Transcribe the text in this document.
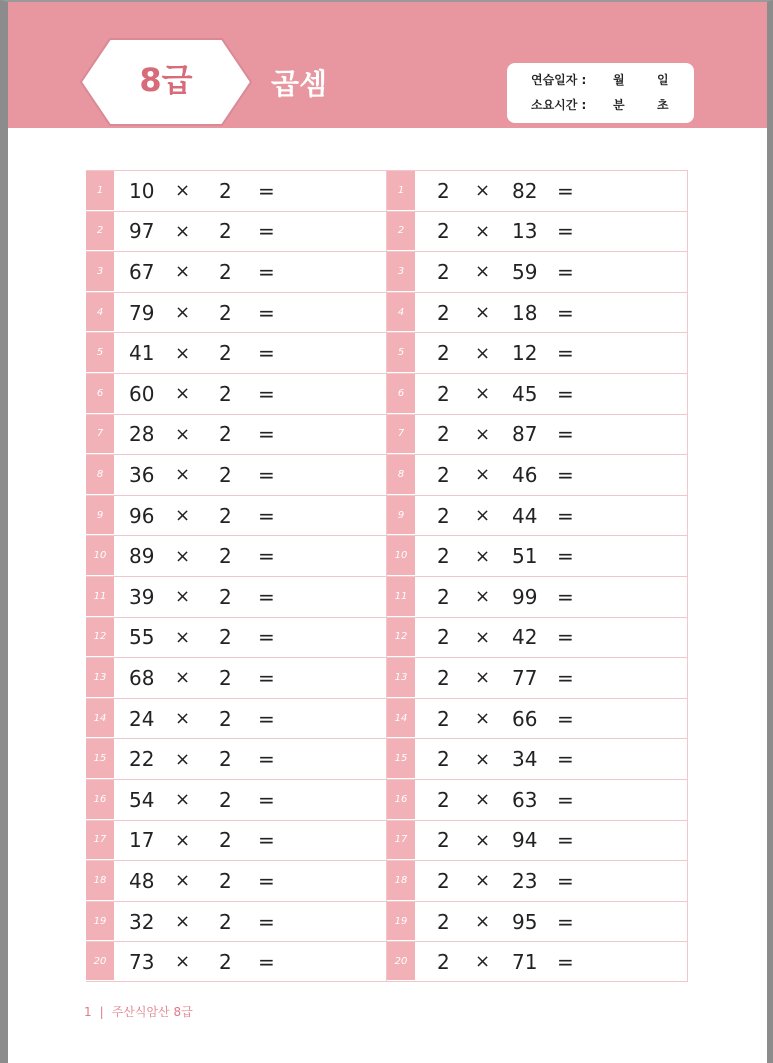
8급	곱셈	연습일자 : 월	일
소요시간 : 분	초
1	10 × 2 =
2	97 × 2 =
3	67 × 2 =
4	79 × 2 =
5	41 × 2 =
6	60 × 2 =
7	28 × 2 =
8	36 × 2 =
9	96 × 2 =
10	89 × 2 =
11	39 × 2 =
12	55 × 2 =
13	68 × 2 =
14	24 × 2 =
15	22 × 2 =
16	54 × 2 =
17	17 × 2 =
18	48 × 2 =
19	32 × 2 =
20	73 × 2 =
1	2 × 82 =
2	2 × 13 =
3	2 × 59 =
4	2 × 18 =
5	2 × 12 =
6	2 × 45 =
7	2 × 87 =
8	2 × 46 =
9	2 × 44 =
10	2 × 51 =
11	2 × 99 =
12	2 × 42 =
13	2 × 77 =
14	2 × 66 =
15	2 × 34 =
16	2 × 63 =
17	2 × 94 =
18	2 × 23 =
19	2 × 95 =
20	2 × 71 =
1 | 주산식암산 8급
